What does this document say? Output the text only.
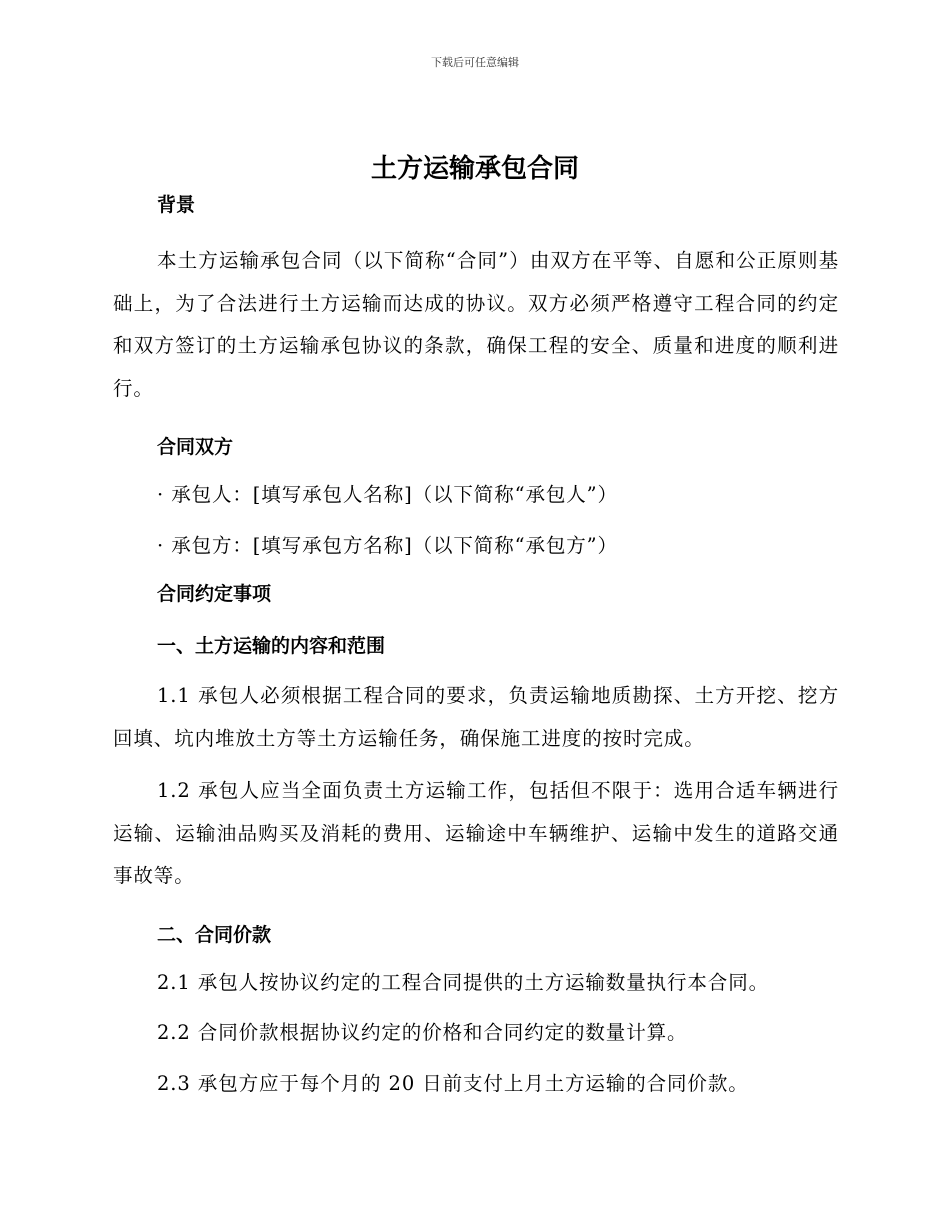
下载后可任意编辑
土方运输承包合同
背景

本土方运输承包合同（以下简称“合同”）由双方在平等、自愿和公正原则基础上，为了合法进行土方运输而达成的协议。双方必须严格遵守工程合同的约定和双方签订的土方运输承包协议的条款，确保工程的安全、质量和进度的顺利进行。

合同双方

· 承包人：[填写承包人名称]（以下简称“承包人”）

· 承包方：[填写承包方名称]（以下简称“承包方”）

合同约定事项
一、土方运输的内容和范围

1.1 承包人必须根据工程合同的要求，负责运输地质勘探、土方开挖、挖方回填、坑内堆放土方等土方运输任务，确保施工进度的按时完成。

1.2 承包人应当全面负责土方运输工作，包括但不限于：选用合适车辆进行运输、运输油品购买及消耗的费用、运输途中车辆维护、运输中发生的道路交通事故等。

二、合同价款

2.1 承包人按协议约定的工程合同提供的土方运输数量执行本合同。

2.2 合同价款根据协议约定的价格和合同约定的数量计算。

2.3 承包方应于每个月的 20 日前支付上月土方运输的合同价款。
